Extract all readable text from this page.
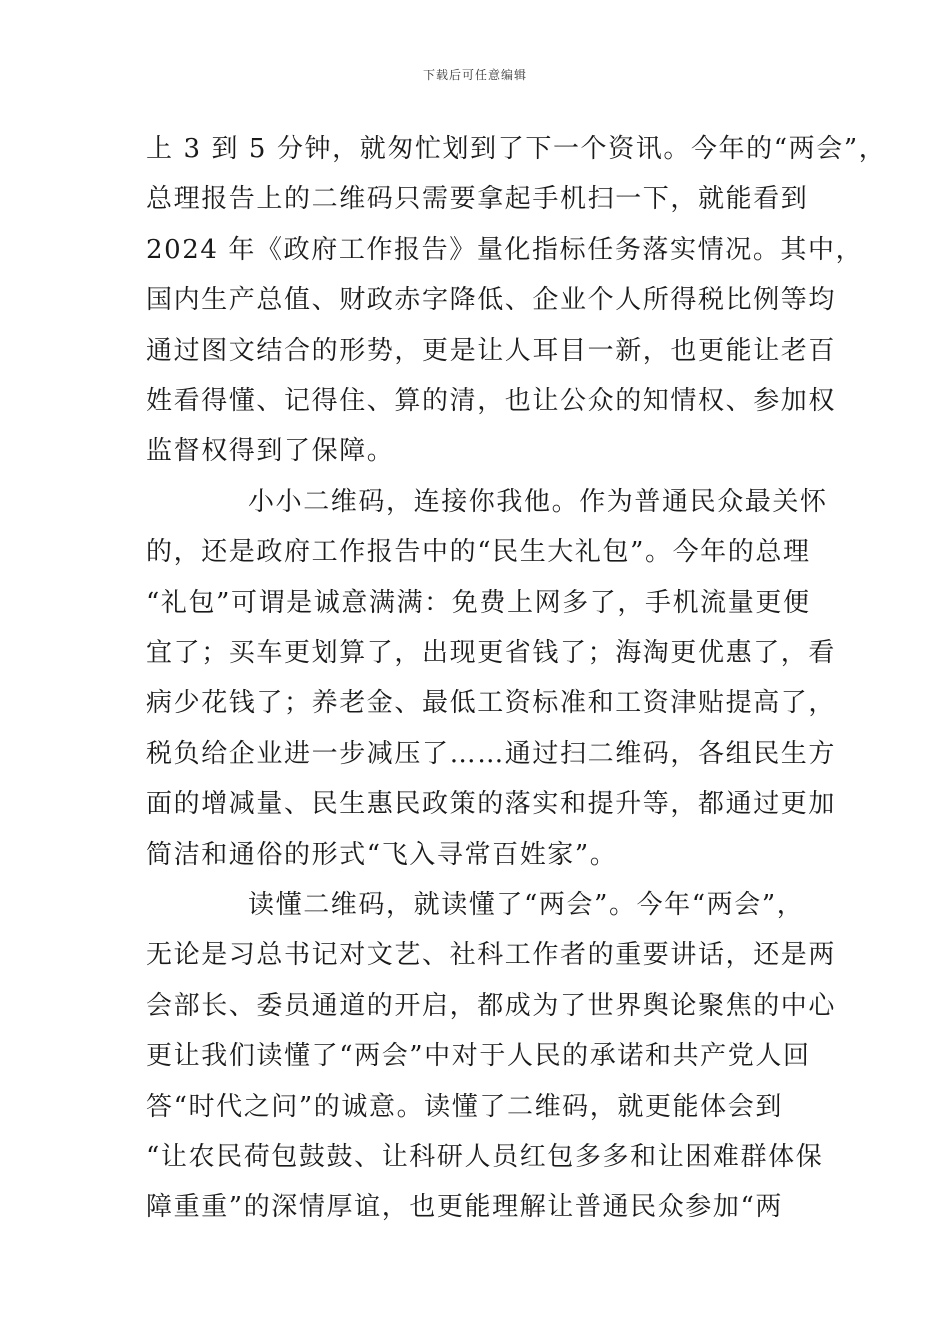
下载后可任意编辑
上 3 到 5 分钟，就匆忙划到了下一个资讯。今年的“两会”，
总理报告上的二维码只需要拿起手机扫一下，就能看到
2024 年《政府工作报告》量化指标任务落实情况。其中，
国内生产总值、财政赤字降低、企业个人所得税比例等均
通过图文结合的形势，更是让人耳目一新，也更能让老百
姓看得懂、记得住、算的清，也让公众的知情权、参加权
监督权得到了保障。
小小二维码，连接你我他。作为普通民众最关怀
的，还是政府工作报告中的“民生大礼包”。今年的总理
“礼包”可谓是诚意满满：免费上网多了，手机流量更便
宜了；买车更划算了，出现更省钱了；海淘更优惠了，看
病少花钱了；养老金、最低工资标准和工资津贴提高了，
税负给企业进一步减压了……通过扫二维码，各组民生方
面的增减量、民生惠民政策的落实和提升等，都通过更加
简洁和通俗的形式“飞入寻常百姓家”。
读懂二维码，就读懂了“两会”。今年“两会”，
无论是习总书记对文艺、社科工作者的重要讲话，还是两
会部长、委员通道的开启，都成为了世界舆论聚焦的中心
更让我们读懂了“两会”中对于人民的承诺和共产党人回
答“时代之问”的诚意。读懂了二维码，就更能体会到
“让农民荷包鼓鼓、让科研人员红包多多和让困难群体保
障重重”的深情厚谊，也更能理解让普通民众参加“两
